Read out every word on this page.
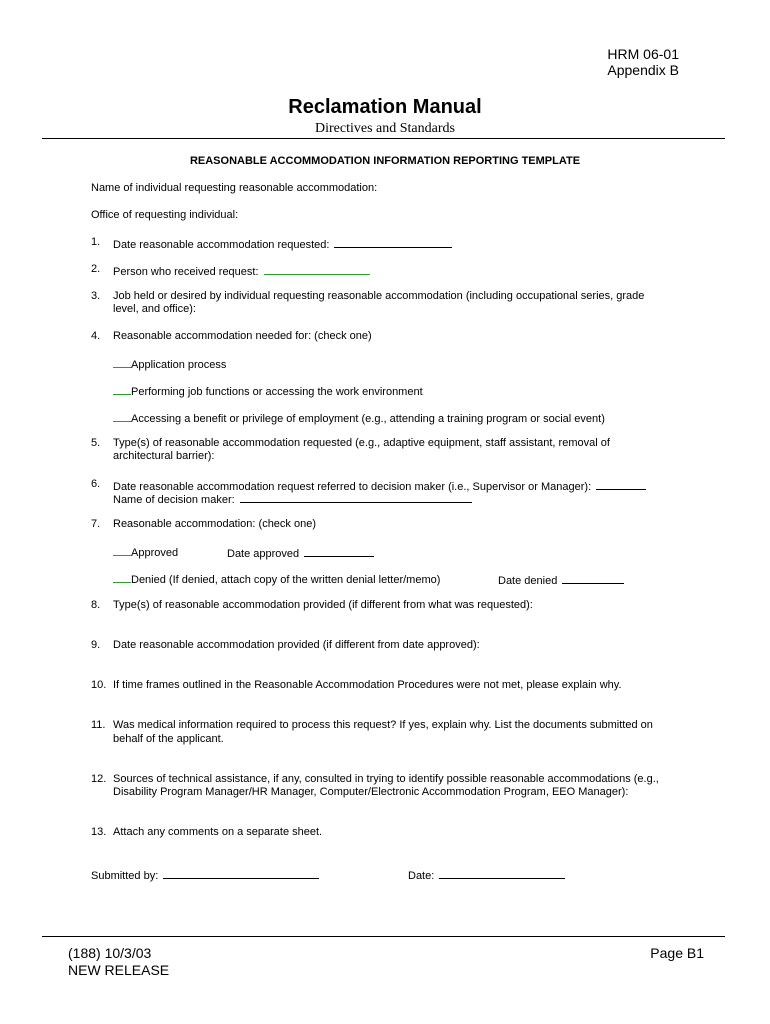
HRM 06-01
Appendix B
Reclamation Manual
Directives and Standards
REASONABLE ACCOMMODATION INFORMATION REPORTING TEMPLATE
Name of individual requesting reasonable accommodation:
Office of requesting individual:
1. Date reasonable accommodation requested:
2. Person who received request:
3. Job held or desired by individual requesting reasonable accommodation (including occupational series, grade
level, and office):
4. Reasonable accommodation needed for: (check one)
Application process
Performing job functions or accessing the work environment
Accessing a benefit or privilege of employment (e.g., attending a training program or social event)
5. Type(s) of reasonable accommodation requested (e.g., adaptive equipment, staff assistant, removal of
architectural barrier):
6. Date reasonable accommodation request referred to decision maker (i.e., Supervisor or Manager):
Name of decision maker:
7. Reasonable accommodation: (check one)
Approved	Date approved
Denied (If denied, attach copy of the written denial letter/memo)	Date denied
8. Type(s) of reasonable accommodation provided (if different from what was requested):
9. Date reasonable accommodation provided (if different from date approved):
10. If time frames outlined in the Reasonable Accommodation Procedures were not met, please explain why.
11. Was medical information required to process this request? If yes, explain why. List the documents submitted on
behalf of the applicant.
12. Sources of technical assistance, if any, consulted in trying to identify possible reasonable accommodations (e.g.,
Disability Program Manager/HR Manager, Computer/Electronic Accommodation Program, EEO Manager):
13. Attach any comments on a separate sheet.
Submitted by:	Date:
(188) 10/3/03
NEW RELEASE
Page B1
